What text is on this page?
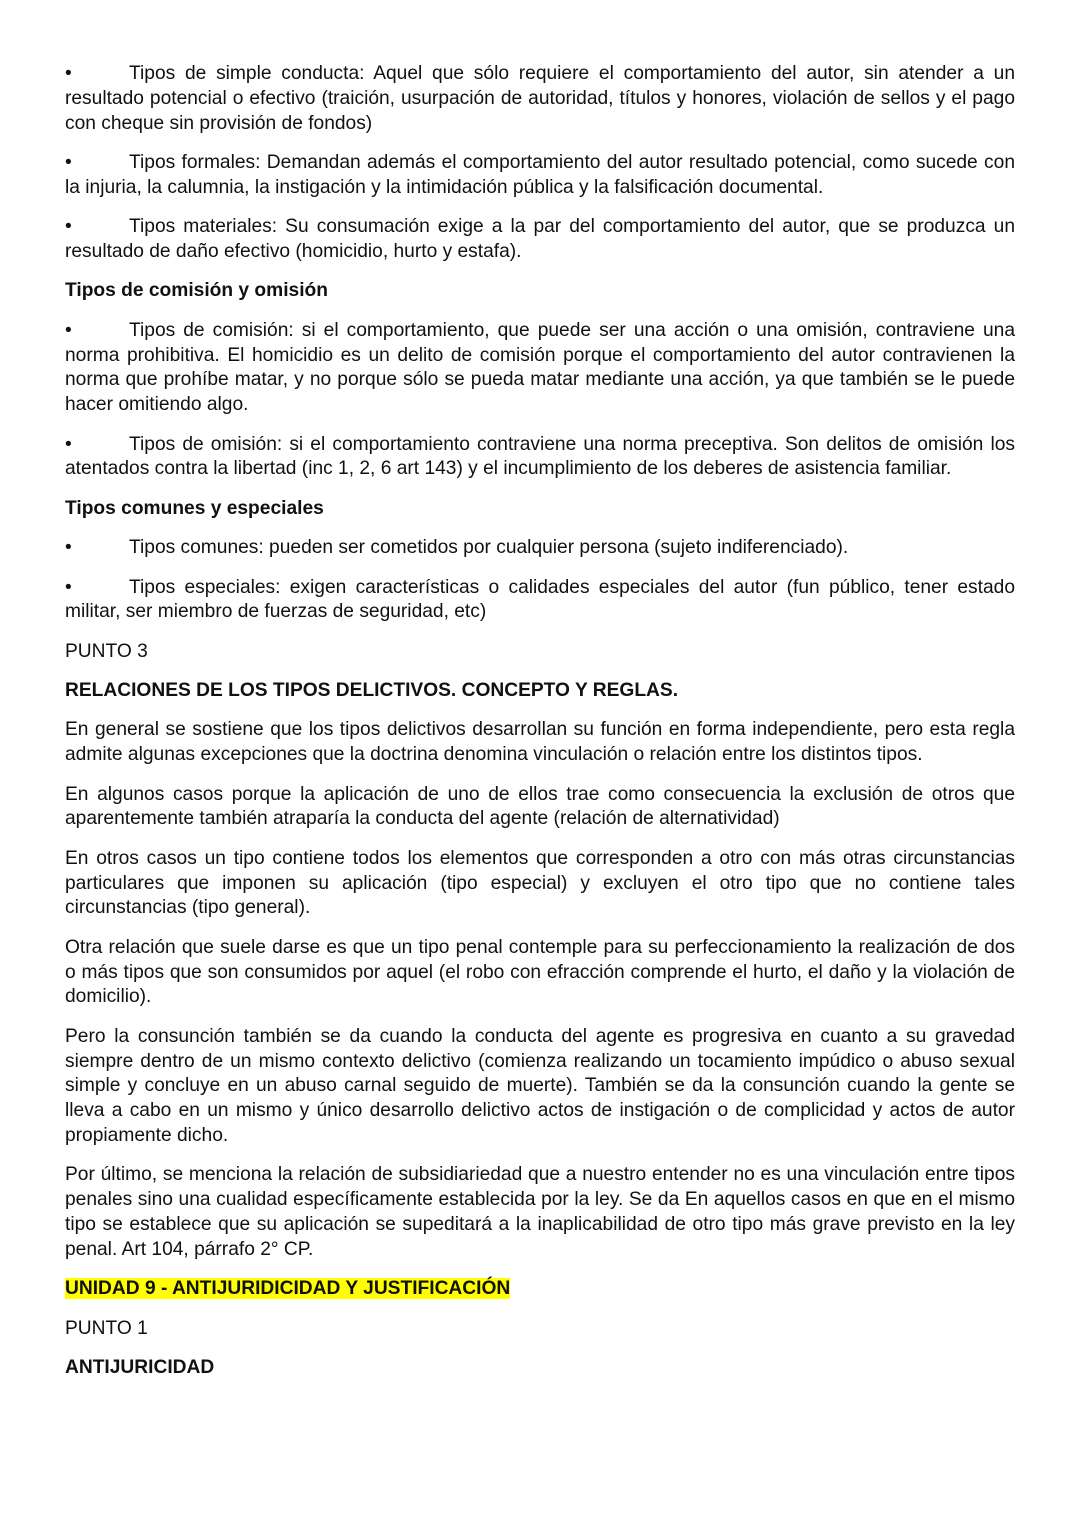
•	Tipos de simple conducta: Aquel que sólo requiere el comportamiento del autor, sin atender a un resultado potencial o efectivo (traición, usurpación de autoridad, títulos y honores, violación de sellos y el pago con cheque sin provisión de fondos)

•	Tipos formales: Demandan además el comportamiento del autor resultado potencial, como sucede con la injuria, la calumnia, la instigación y la intimidación pública y la falsificación documental.

•	Tipos materiales: Su consumación exige a la par del comportamiento del autor, que se produzca un resultado de daño efectivo (homicidio, hurto y estafa).

Tipos de comisión y omisión

•	Tipos de comisión: si el comportamiento, que puede ser una acción o una omisión, contraviene una norma prohibitiva. El homicidio es un delito de comisión porque el comportamiento del autor contravienen la norma que prohíbe matar, y no porque sólo se pueda matar mediante una acción, ya que también se le puede hacer omitiendo algo.

•	Tipos de omisión: si el comportamiento contraviene una norma preceptiva. Son delitos de omisión los atentados contra la libertad (inc 1, 2, 6 art 143) y el incumplimiento de los deberes de asistencia familiar.

Tipos comunes y especiales

•	Tipos comunes: pueden ser cometidos por cualquier persona (sujeto indiferenciado).

•	Tipos especiales: exigen características o calidades especiales del autor (fun público, tener estado militar, ser miembro de fuerzas de seguridad, etc)

PUNTO 3

RELACIONES DE LOS TIPOS DELICTIVOS. CONCEPTO Y REGLAS.

En general se sostiene que los tipos delictivos desarrollan su función en forma independiente, pero esta regla admite algunas excepciones que la doctrina denomina vinculación o relación entre los distintos tipos.

En algunos casos porque la aplicación de uno de ellos trae como consecuencia la exclusión de otros que aparentemente también atraparía la conducta del agente (relación de alternatividad)

En otros casos un tipo contiene todos los elementos que corresponden a otro con más otras circunstancias particulares que imponen su aplicación (tipo especial) y excluyen el otro tipo que no contiene tales circunstancias (tipo general).

Otra relación que suele darse es que un tipo penal contemple para su perfeccionamiento la realización de dos o más tipos que son consumidos por aquel (el robo con efracción comprende el hurto, el daño y la violación de domicilio).

Pero la consunción también se da cuando la conducta del agente es progresiva en cuanto a su gravedad siempre dentro de un mismo contexto delictivo (comienza realizando un tocamiento impúdico o abuso sexual simple y concluye en un abuso carnal seguido de muerte). También se da la consunción cuando la gente se lleva a cabo en un mismo y único desarrollo delictivo actos de instigación o de complicidad y actos de autor propiamente dicho.

Por último, se menciona la relación de subsidiariedad que a nuestro entender no es una vinculación entre tipos penales sino una cualidad específicamente establecida por la ley. Se da En aquellos casos en que en el mismo tipo se establece que su aplicación se supeditará a la inaplicabilidad de otro tipo más grave previsto en la ley penal. Art 104, párrafo 2° CP.

UNIDAD 9 - ANTIJURIDICIDAD Y JUSTIFICACIÓN

PUNTO 1

ANTIJURICIDAD
